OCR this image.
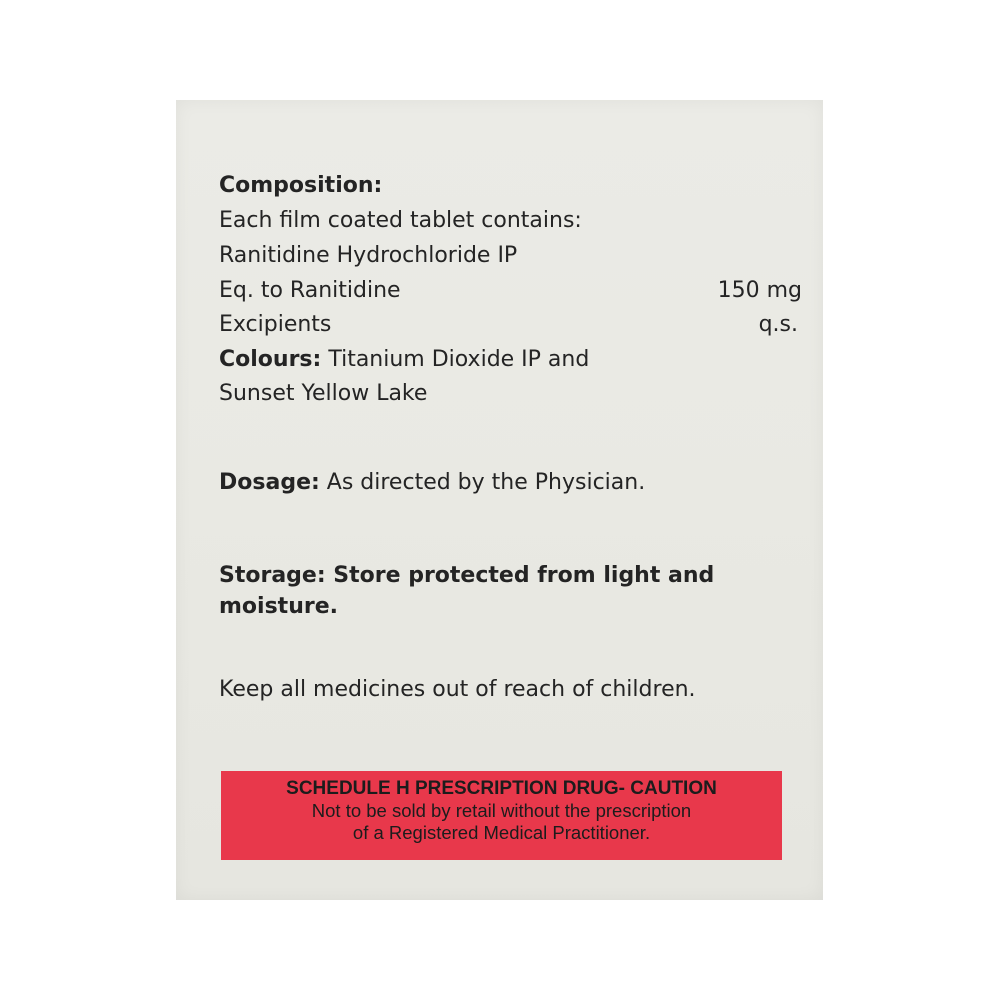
Composition:
Each film coated tablet contains:
Ranitidine Hydrochloride IP
Eq. to Ranitidine	150 mg
Excipients	q.s.
Colours: Titanium Dioxide IP and
Sunset Yellow Lake
Dosage: As directed by the Physician.
Storage: Store protected from light and
moisture.
Keep all medicines out of reach of children.
SCHEDULE H PRESCRIPTION DRUG- CAUTION
Not to be sold by retail without the prescription
of a Registered Medical Practitioner.
